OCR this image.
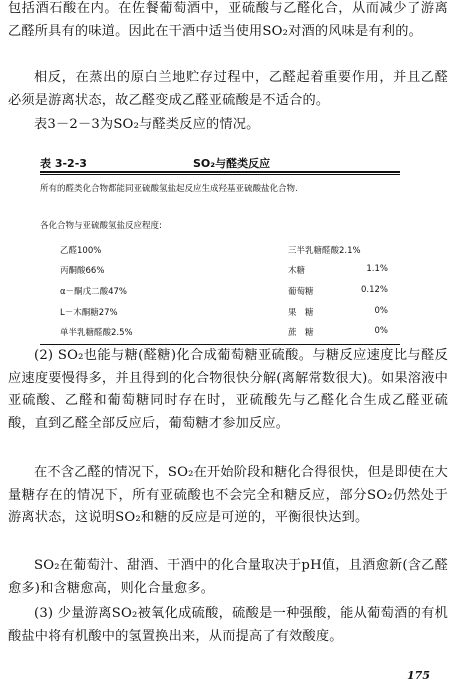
包括酒石酸在内。在佐餐葡萄酒中，亚硫酸与乙醛化合，从而减少了游离乙醛所具有的味道。因此在干酒中适当使用SO₂对酒的风味是有利的。

相反，在蒸出的原白兰地贮存过程中，乙醛起着重要作用，并且乙醛必须是游离状态，故乙醛变成乙醛亚硫酸是不适合的。

表3－2－3为SO₂与醛类反应的情况。

表 3-2-3	SO₂与醛类反应
所有的醛类化合物都能同亚硫酸氢盐起反应生成羟基亚硫酸盐化合物.
各化合物与亚硫酸氢盐反应程度:
乙醛100%
丙酮酸66%
α－酮戊二酸47%
L－木酮糖27%
单半乳糖醛酸2.5%
三半乳糖醛酸2.1%
木糖
葡萄糖
果　糖
蔗　糖
1.1%
0.12%
0%
0%

(2) SO₂也能与糖(醛糖)化合成葡萄糖亚硫酸。与糖反应速度比与醛反应速度要慢得多，并且得到的化合物很快分解(离解常数很大)。如果溶液中亚硫酸、乙醛和葡萄糖同时存在时，亚硫酸先与乙醛化合生成乙醛亚硫酸，直到乙醛全部反应后，葡萄糖才参加反应。

在不含乙醛的情况下，SO₂在开始阶段和糖化合得很快，但是即使在大量糖存在的情况下，所有亚硫酸也不会完全和糖反应，部分SO₂仍然处于游离状态，这说明SO₂和糖的反应是可逆的，平衡很快达到。

SO₂在葡萄汁、甜酒、干酒中的化合量取决于pH值，且酒愈新(含乙醛愈多)和含糖愈高，则化合量愈多。

(3) 少量游离SO₂被氧化成硫酸，硫酸是一种强酸，能从葡萄酒的有机酸盐中将有机酸中的氢置换出来，从而提高了有效酸度。

175
